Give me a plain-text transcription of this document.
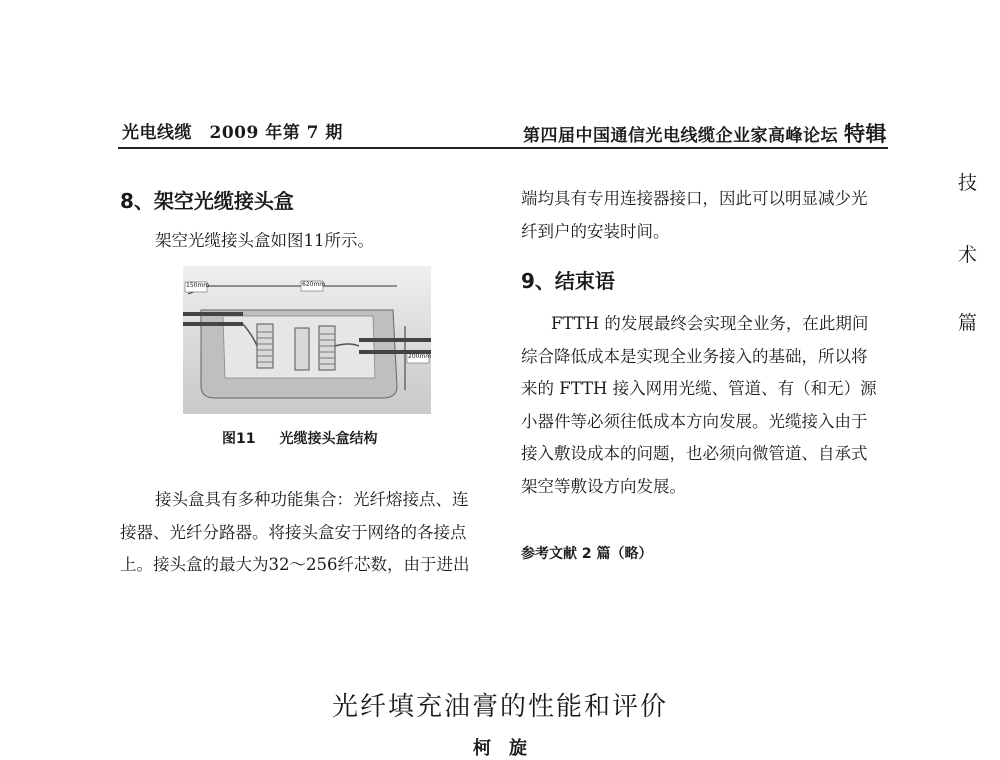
光电线缆　2009 年第 7 期	第四届中国通信光电线缆企业家高峰论坛 特辑
技
术
篇
8、架空光缆接头盒
架空光缆接头盒如图11所示。
150mm	620mm
200mm
图11 光缆接头盒结构
接头盒具有多种功能集合：光纤熔接点、连
接器、光纤分路器。将接头盒安于网络的各接点
上。接头盒的最大为32～256纤芯数，由于进出
端均具有专用连接器接口，因此可以明显减少光
纤到户的安装时间。
9、结束语
FTTH 的发展最终会实现全业务，在此期间
综合降低成本是实现全业务接入的基础，所以将
来的 FTTH 接入网用光缆、管道、有（和无）源
小器件等必须往低成本方向发展。光缆接入由于
接入敷设成本的问题，也必须向微管道、自承式
架空等敷设方向发展。
参考文献 2 篇（略）
光纤填充油膏的性能和评价
柯旋
